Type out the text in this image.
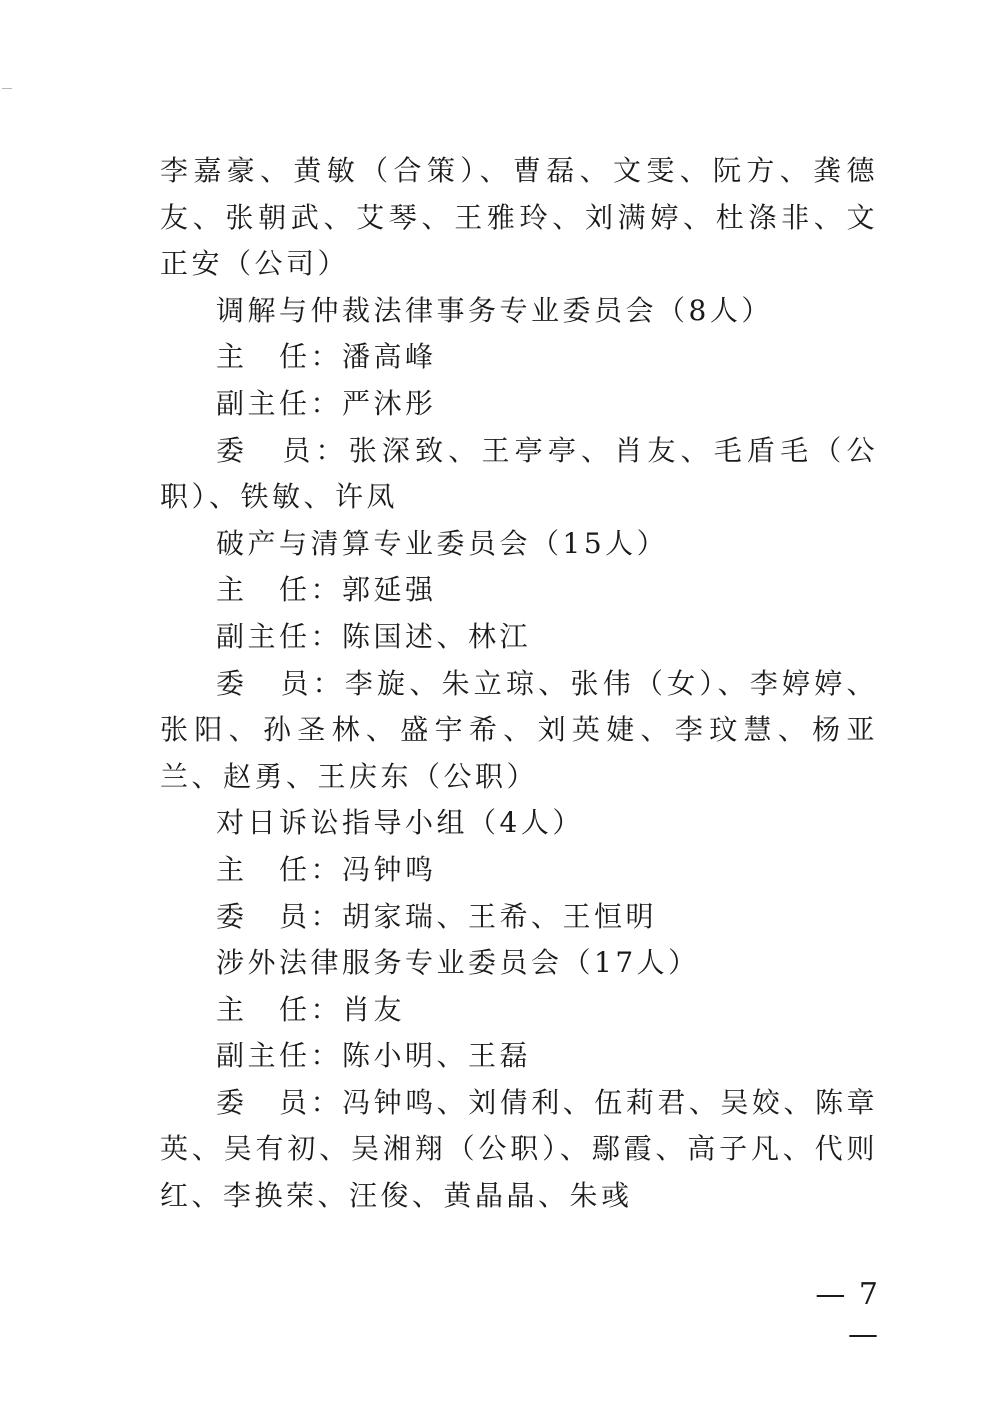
李嘉豪、黄敏（合策）、曹磊、文雯、阮方、龚德友、张朝武、艾琴、王雅玲、刘满婷、杜涤非、文正安（公司）

调解与仲裁法律事务专业委员会（8人）

主　任：潘高峰

副主任：严沐彤

委　员：张深致、王亭亭、肖友、毛盾毛（公职）、铁敏、许凤

破产与清算专业委员会（15人）

主　任：郭延强

副主任：陈国述、林江

委　员：李旋、朱立琼、张伟（女）、李婷婷、张阳、孙圣林、盛宇希、刘英婕、李玟慧、杨亚兰、赵勇、王庆东（公职）

对日诉讼指导小组（4人）

主　任：冯钟鸣

委　员：胡家瑞、王希、王恒明

涉外法律服务专业委员会（17人）

主　任：肖友

副主任：陈小明、王磊

委　员：冯钟鸣、刘倩利、伍莉君、吴姣、陈章英、吴有初、吴湘翔（公职）、鄢霞、高子凡、代则红、李换荣、汪俊、黄晶晶、朱彧

— 7 —
